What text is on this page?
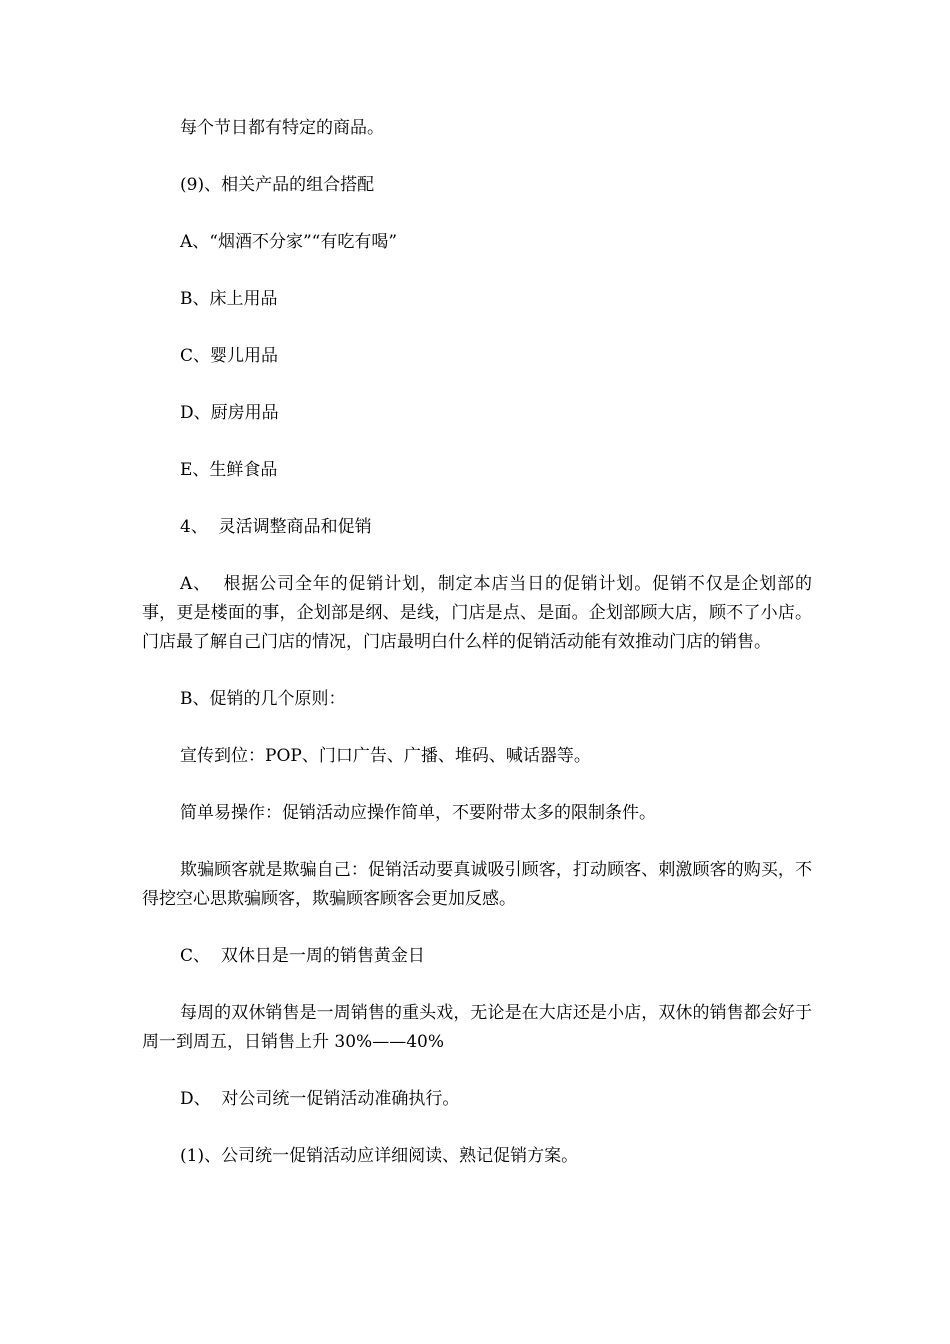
每个节日都有特定的商品。

(9)、相关产品的组合搭配

A、“烟酒不分家”“有吃有喝”

B、床上用品

C、婴儿用品

D、厨房用品

E、生鲜食品

4、  灵活调整商品和促销

A、  根据公司全年的促销计划，制定本店当日的促销计划。促销不仅是企划部的事，更是楼面的事，企划部是纲、是线，门店是点、是面。企划部顾大店，顾不了小店。门店最了解自己门店的情况，门店最明白什么样的促销活动能有效推动门店的销售。

B、促销的几个原则：

宣传到位：POP、门口广告、广播、堆码、喊话器等。

简单易操作：促销活动应操作简单，不要附带太多的限制条件。

欺骗顾客就是欺骗自己：促销活动要真诚吸引顾客，打动顾客、刺激顾客的购买，不得挖空心思欺骗顾客，欺骗顾客顾客会更加反感。

C、  双休日是一周的销售黄金日

每周的双休销售是一周销售的重头戏，无论是在大店还是小店，双休的销售都会好于周一到周五，日销售上升 30%——40%

D、  对公司统一促销活动准确执行。

(1)、公司统一促销活动应详细阅读、熟记促销方案。
